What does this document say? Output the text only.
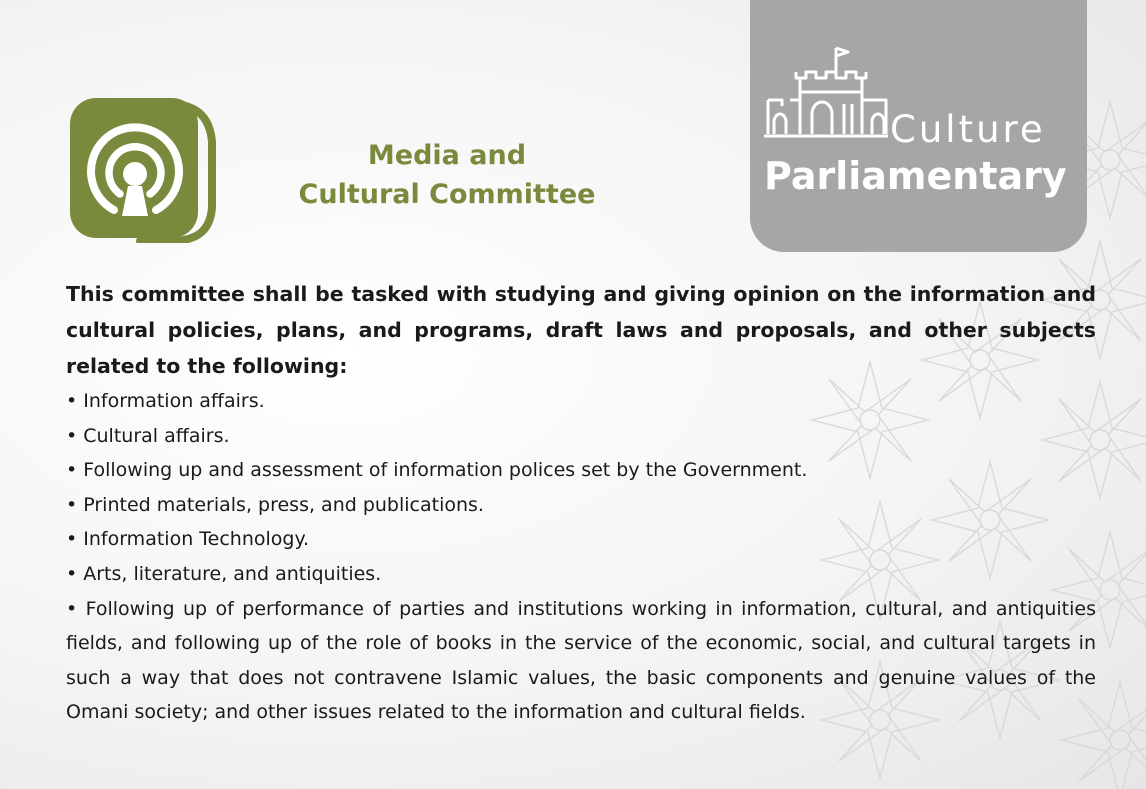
Media and
Cultural Committee
Culture
Parliamentary

This committee shall be tasked with studying and giving opinion on the information and cultural policies, plans, and programs, draft laws and proposals, and other subjects related to the following:

• Information affairs.
• Cultural affairs.
• Following up and assessment of information polices set by the Government.
• Printed materials, press, and publications.
• Information Technology.
• Arts, literature, and antiquities.
• Following up of performance of parties and institutions working in information, cultural, and antiquities fields, and following up of the role of books in the service of the economic, social, and cultural targets in such a way that does not contravene Islamic values, the basic components and genuine values of the Omani society; and other issues related to the information and cultural fields.
